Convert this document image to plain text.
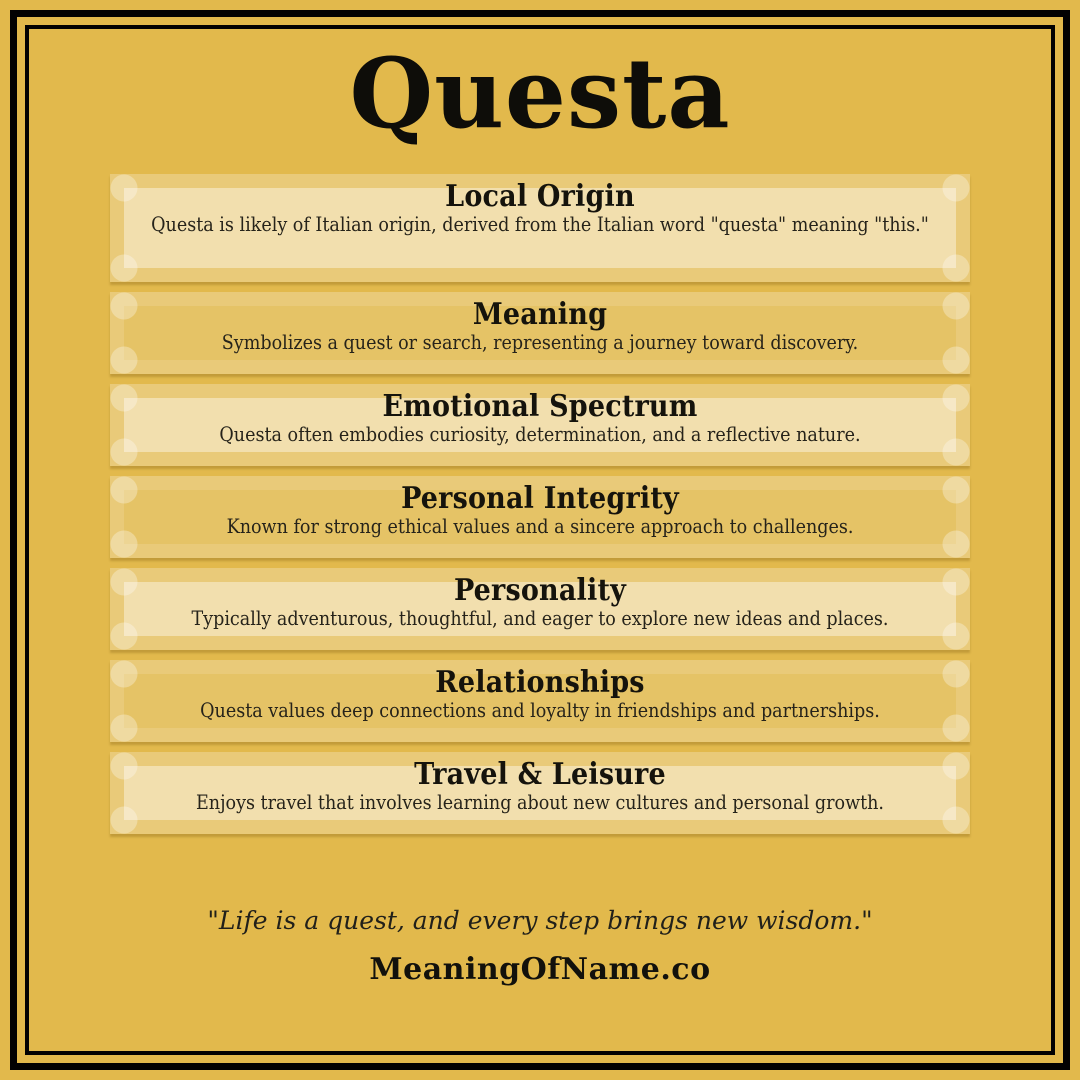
Questa
Local Origin
Questa is likely of Italian origin, derived from the Italian word "questa" meaning "this."
Meaning
Symbolizes a quest or search, representing a journey toward discovery.
Emotional Spectrum
Questa often embodies curiosity, determination, and a reflective nature.
Personal Integrity
Known for strong ethical values and a sincere approach to challenges.
Personality
Typically adventurous, thoughtful, and eager to explore new ideas and places.
Relationships
Questa values deep connections and loyalty in friendships and partnerships.
Travel & Leisure
Enjoys travel that involves learning about new cultures and personal growth.
"Life is a quest, and every step brings new wisdom."
MeaningOfName.co
